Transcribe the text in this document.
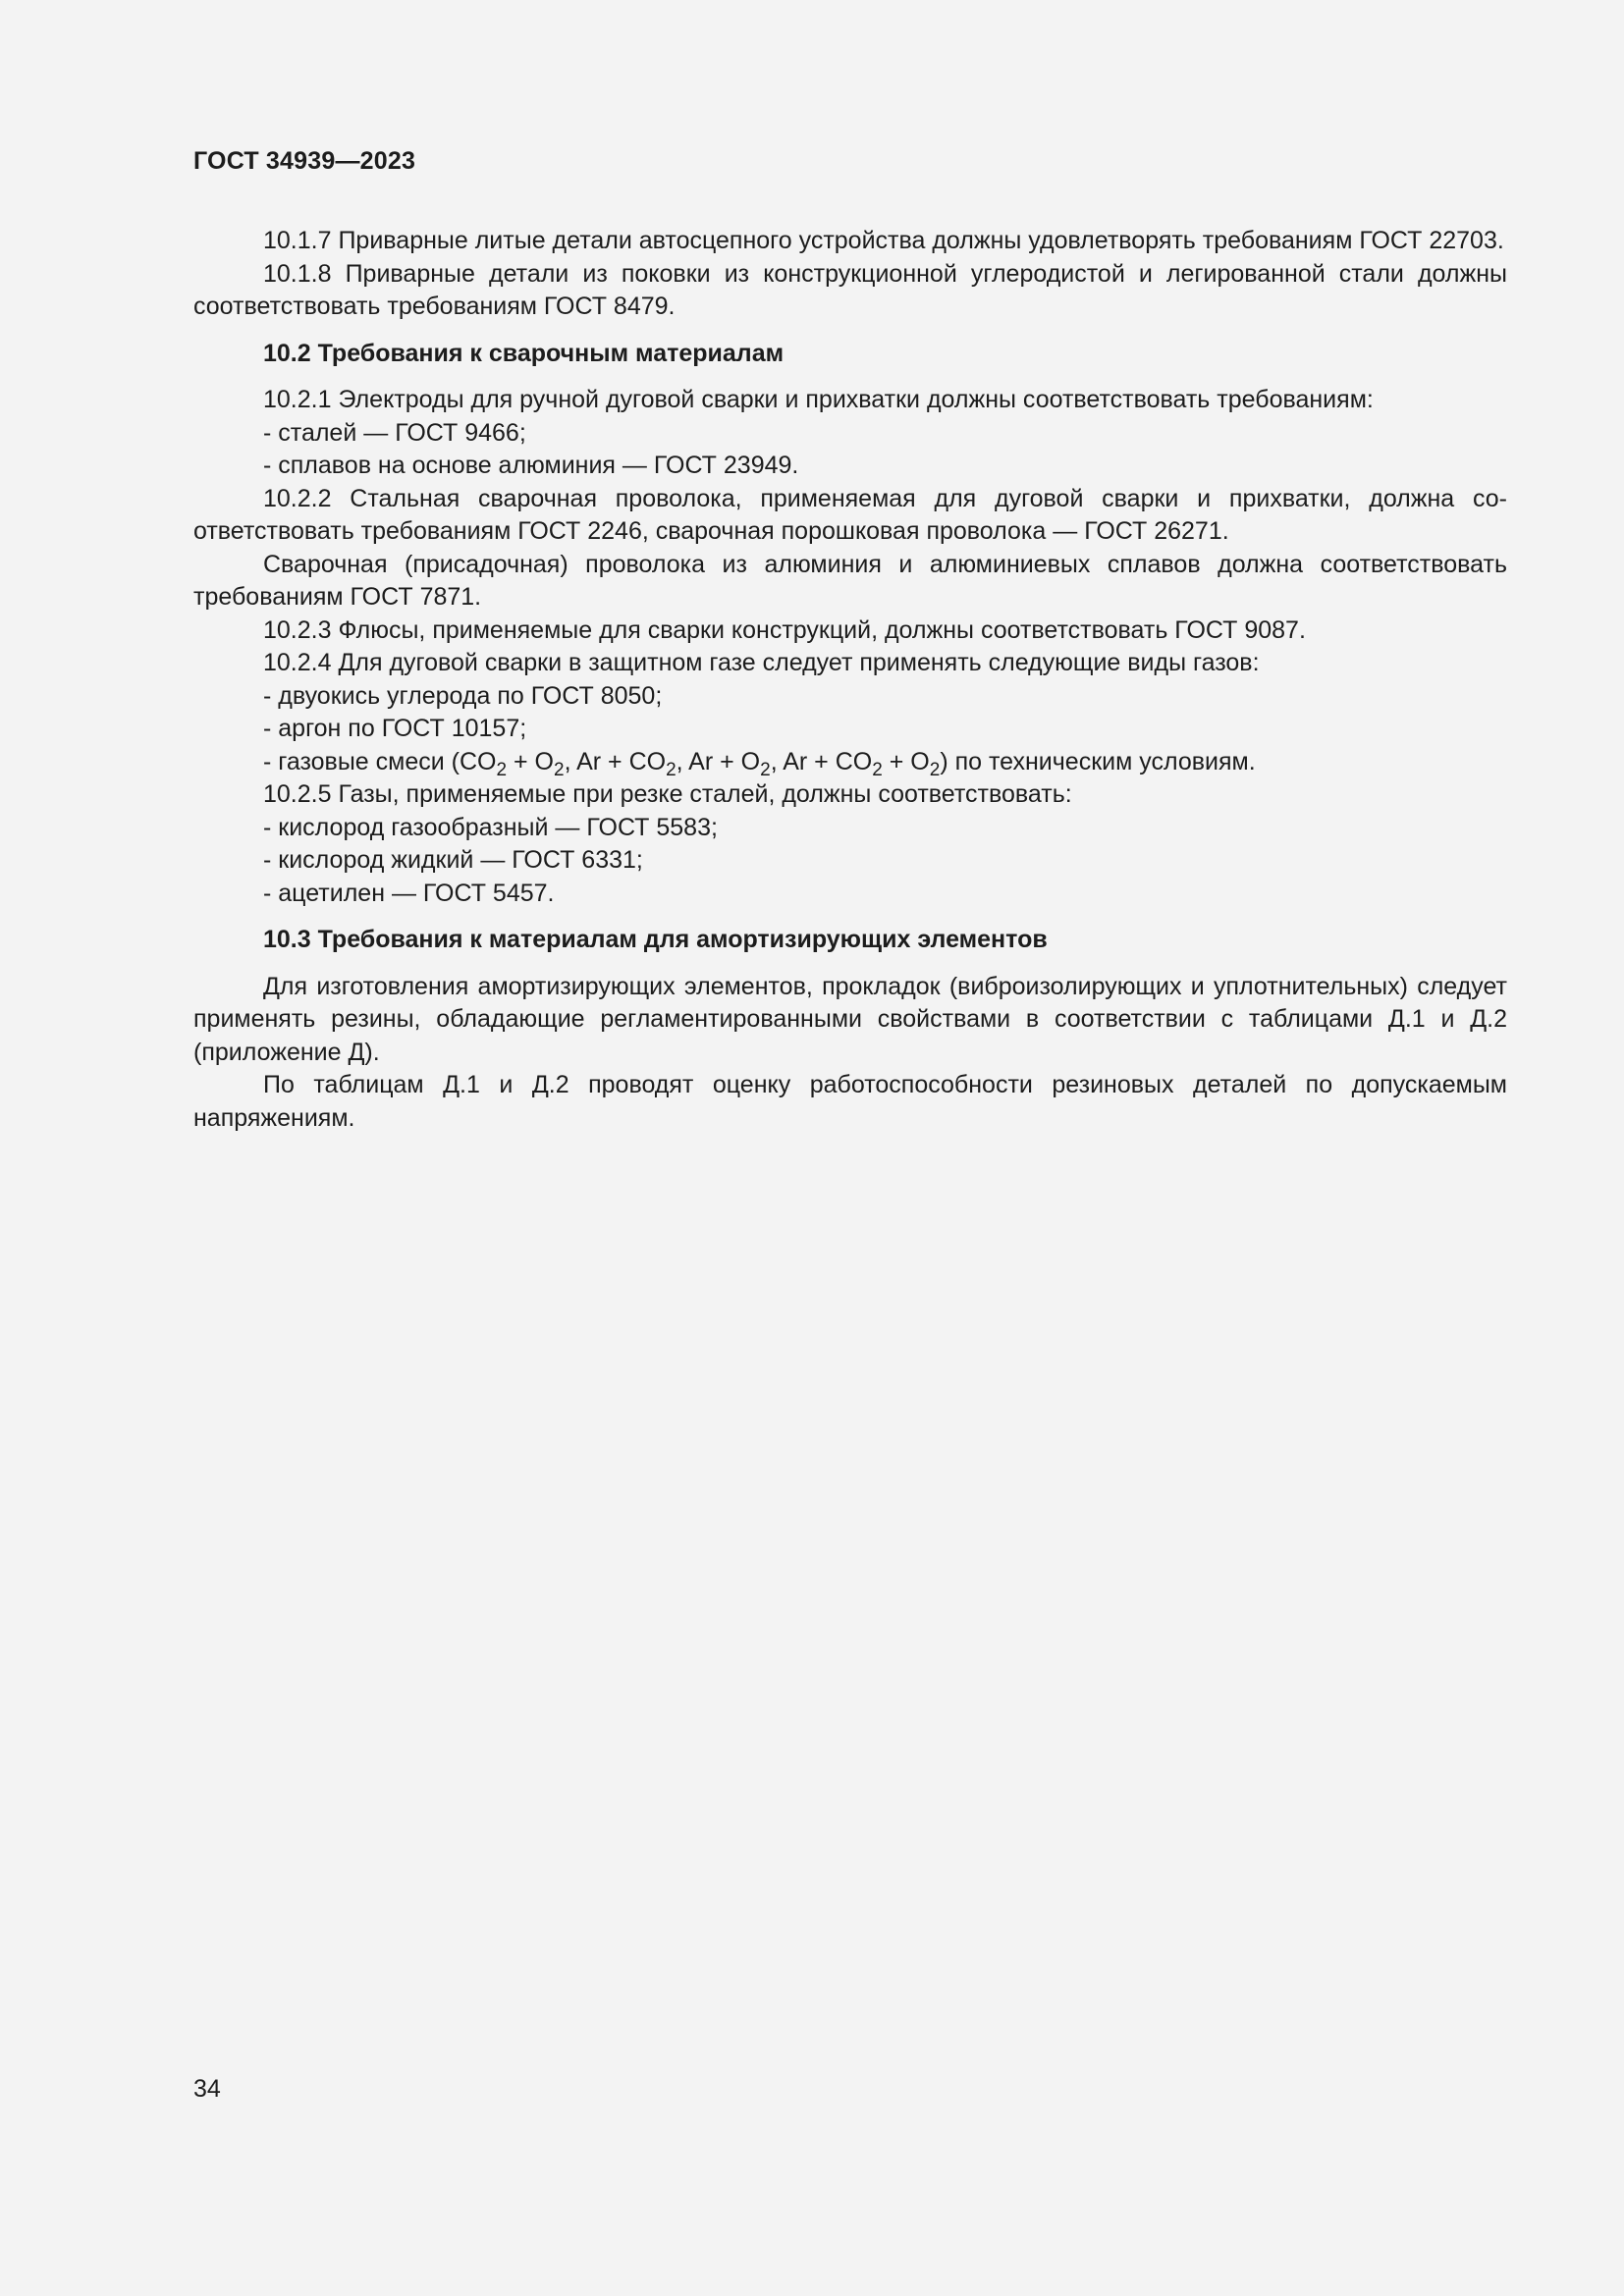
ГОСТ 34939—2023

10.1.7 Приварные литые детали автосцепного устройства должны удовлетворять требованиям ГОСТ 22703.

10.1.8 Приварные детали из поковки из конструкционной углеродистой и легированной стали должны соответствовать требованиям ГОСТ 8479.

10.2 Требования к сварочным материалам

10.2.1 Электроды для ручной дуговой сварки и прихватки должны соответствовать требованиям:

- сталей — ГОСТ 9466;

- сплавов на основе алюминия — ГОСТ 23949.

10.2.2 Стальная сварочная проволока, применяемая для дуговой сварки и прихватки, должна соответствовать требованиям ГОСТ 2246, сварочная порошковая проволока — ГОСТ 26271.

Сварочная (присадочная) проволока из алюминия и алюминиевых сплавов должна соответствовать требованиям ГОСТ 7871.

10.2.3 Флюсы, применяемые для сварки конструкций, должны соответствовать ГОСТ 9087.

10.2.4 Для дуговой сварки в защитном газе следует применять следующие виды газов:

- двуокись углерода по ГОСТ 8050;

- аргон по ГОСТ 10157;

- газовые смеси ($CO_2 + O_2$, $Ar + CO_2$, $Ar + O_2$, $Ar + CO_2 + O_2$) по техническим условиям.

10.2.5 Газы, применяемые при резке сталей, должны соответствовать:

- кислород газообразный — ГОСТ 5583;

- кислород жидкий — ГОСТ 6331;

- ацетилен — ГОСТ 5457.

10.3 Требования к материалам для амортизирующих элементов

Для изготовления амортизирующих элементов, прокладок (виброизолирующих и уплотнительных) следует применять резины, обладающие регламентированными свойствами в соответствии с таблицами Д.1 и Д.2 (приложение Д).

По таблицам Д.1 и Д.2 проводят оценку работоспособности резиновых деталей по допускаемым напряжениям.

34
